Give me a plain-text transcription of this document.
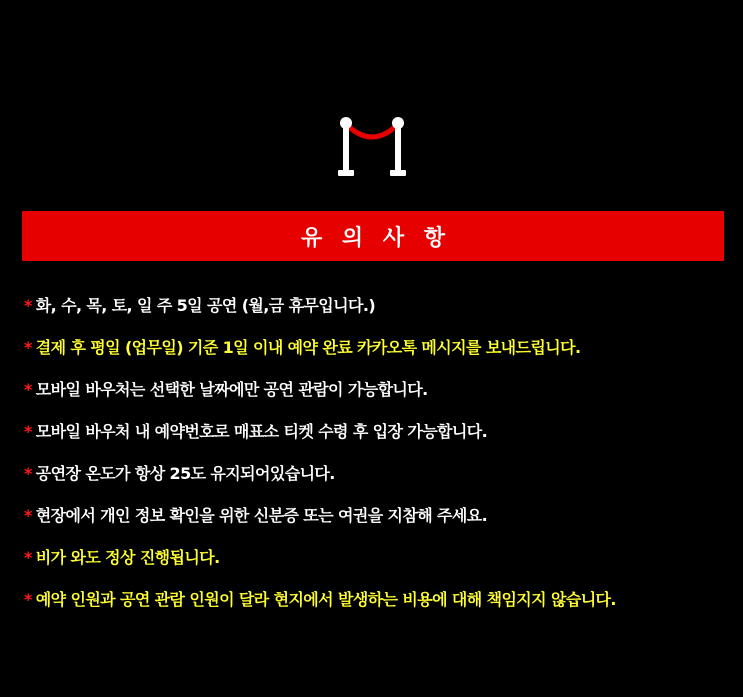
유 의 사 항
* 화, 수, 목, 토, 일 주 5일 공연 (월,금 휴무입니다.)
* 결제 후 평일 (업무일) 기준 1일 이내 예약 완료 카카오톡 메시지를 보내드립니다.
* 모바일 바우처는 선택한 날짜에만 공연 관람이 가능합니다.
* 모바일 바우처 내 예약번호로 매표소 티켓 수령 후 입장 가능합니다.
* 공연장 온도가 항상 25도 유지되어있습니다.
* 현장에서 개인 정보 확인을 위한 신분증 또는 여권을 지참해 주세요.
* 비가 와도 정상 진행됩니다.
* 예약 인원과 공연 관람 인원이 달라 현지에서 발생하는 비용에 대해 책임지지 않습니다.
